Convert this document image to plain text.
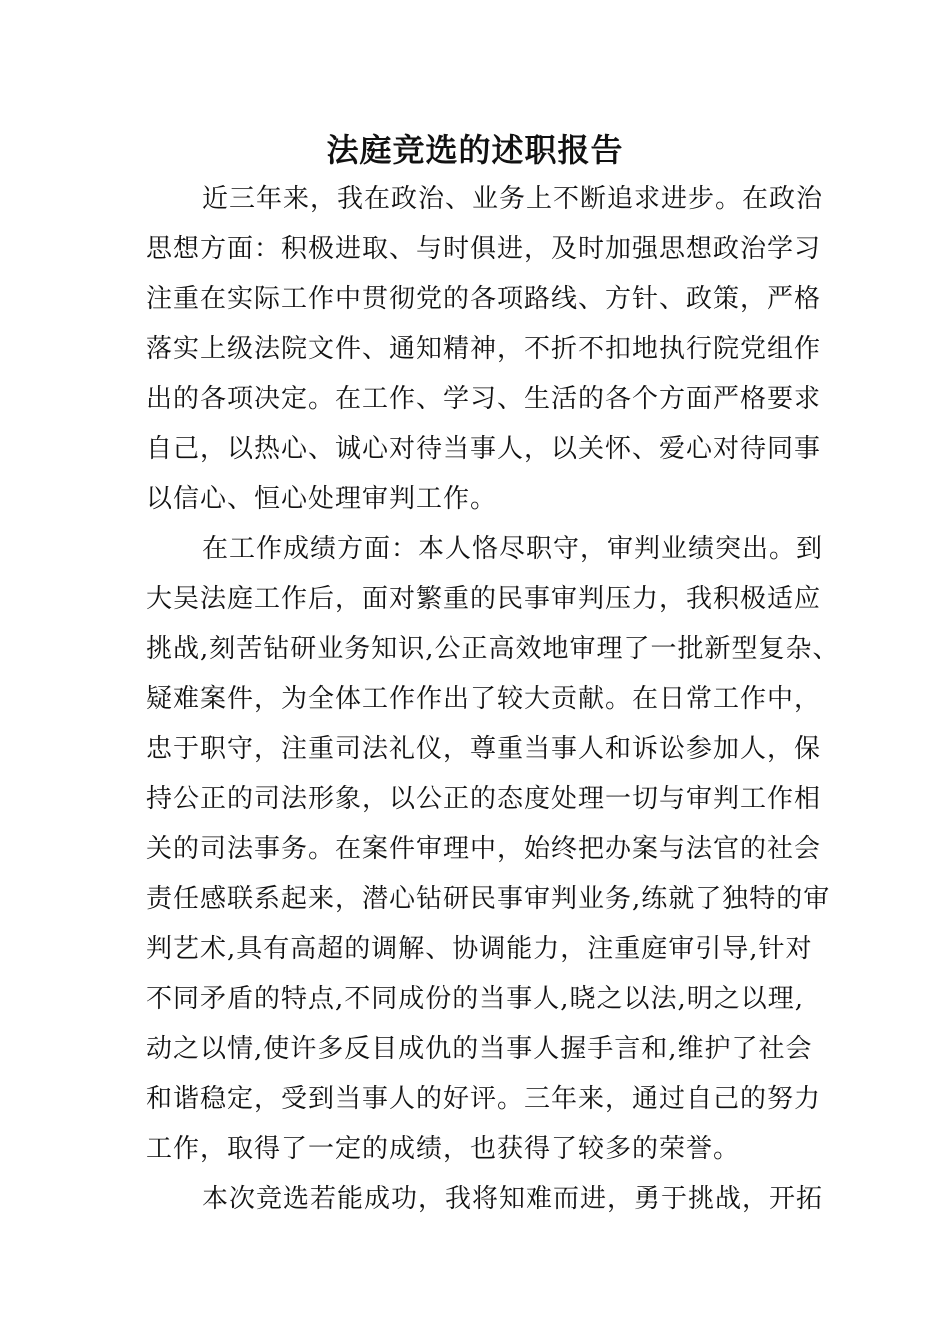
法庭竞选的述职报告
近三年来，我在政治、业务上不断追求进步。在政治
思想方面：积极进取、与时俱进，及时加强思想政治学习
注重在实际工作中贯彻党的各项路线、方针、政策，严格
落实上级法院文件、通知精神，不折不扣地执行院党组作
出的各项决定。在工作、学习、生活的各个方面严格要求
自己，以热心、诚心对待当事人，以关怀、爱心对待同事
以信心、恒心处理审判工作。
在工作成绩方面：本人恪尽职守，审判业绩突出。到
大吴法庭工作后，面对繁重的民事审判压力，我积极适应
挑战,刻苦钻研业务知识,公正高效地审理了一批新型复杂、
疑难案件，为全体工作作出了较大贡献。在日常工作中，
忠于职守，注重司法礼仪，尊重当事人和诉讼参加人，保
持公正的司法形象，以公正的态度处理一切与审判工作相
关的司法事务。在案件审理中，始终把办案与法官的社会
责任感联系起来，潜心钻研民事审判业务,练就了独特的审
判艺术,具有高超的调解、协调能力，注重庭审引导,针对
不同矛盾的特点,不同成份的当事人,晓之以法,明之以理,
动之以情,使许多反目成仇的当事人握手言和,维护了社会
和谐稳定，受到当事人的好评。三年来，通过自己的努力
工作，取得了一定的成绩，也获得了较多的荣誉。
本次竞选若能成功，我将知难而进，勇于挑战，开拓
